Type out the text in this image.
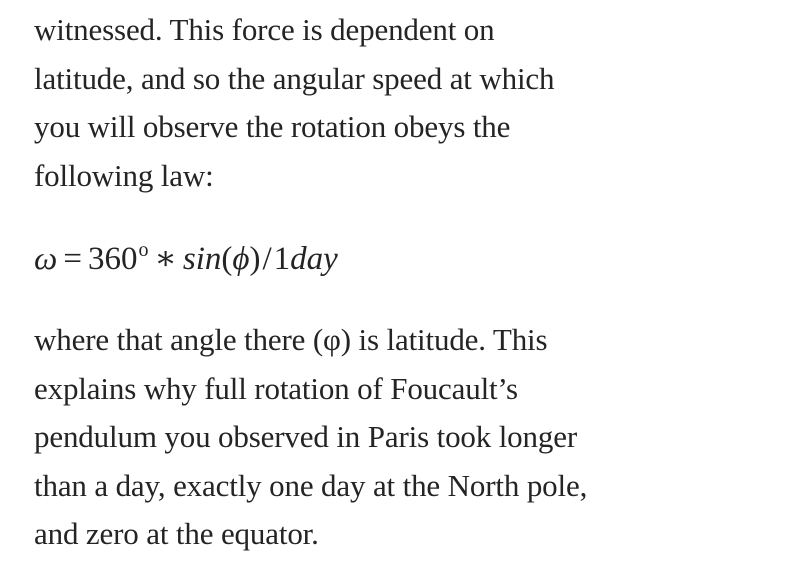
witnessed. This force is dependent on
latitude, and so the angular speed at which
you will observe the rotation obeys the
following law:

$\omega = 360^o$ ∗ sin(ϕ)/1day

where that angle there (φ) is latitude. This
explains why full rotation of Foucault’s
pendulum you observed in Paris took longer
than a day, exactly one day at the North pole,
and zero at the equator.
